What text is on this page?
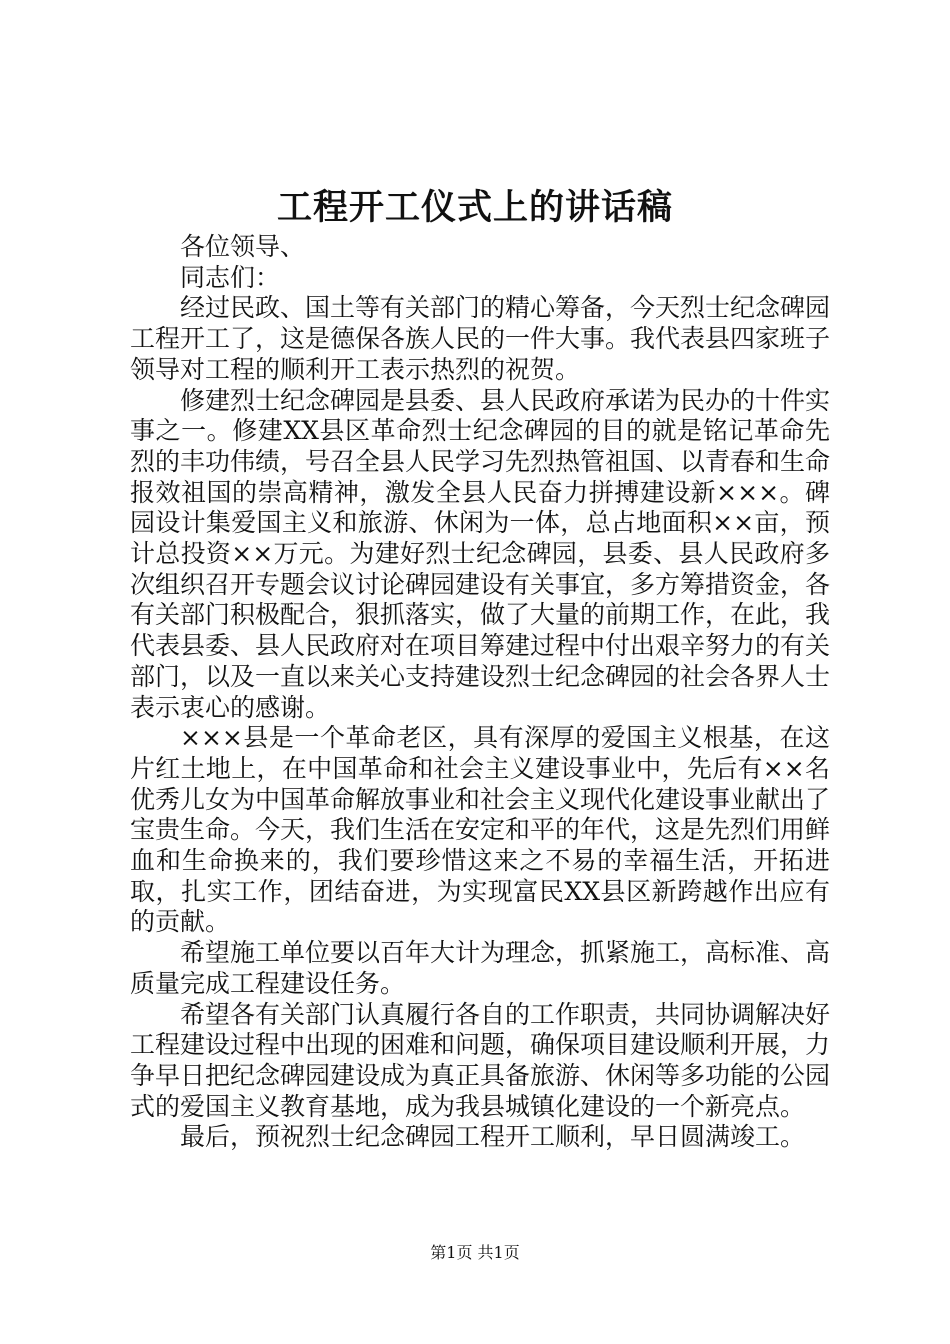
工程开工仪式上的讲话稿

各位领导、

同志们：

经过民政、国土等有关部门的精心筹备，今天烈士纪念碑园工程开工了，这是德保各族人民的一件大事。我代表县四家班子领导对工程的顺利开工表示热烈的祝贺。

修建烈士纪念碑园是县委、县人民政府承诺为民办的十件实事之一。修建XX县区革命烈士纪念碑园的目的就是铭记革命先烈的丰功伟绩，号召全县人民学习先烈热管祖国、以青春和生命报效祖国的崇高精神，激发全县人民奋力拼搏建设新×××。碑园设计集爱国主义和旅游、休闲为一体，总占地面积××亩，预计总投资××万元。为建好烈士纪念碑园，县委、县人民政府多次组织召开专题会议讨论碑园建设有关事宜，多方筹措资金，各有关部门积极配合，狠抓落实，做了大量的前期工作，在此，我代表县委、县人民政府对在项目筹建过程中付出艰辛努力的有关部门，以及一直以来关心支持建设烈士纪念碑园的社会各界人士表示衷心的感谢。

×××县是一个革命老区，具有深厚的爱国主义根基，在这片红土地上，在中国革命和社会主义建设事业中，先后有××名优秀儿女为中国革命解放事业和社会主义现代化建设事业献出了宝贵生命。今天，我们生活在安定和平的年代，这是先烈们用鲜血和生命换来的，我们要珍惜这来之不易的幸福生活，开拓进取，扎实工作，团结奋进，为实现富民XX县区新跨越作出应有的贡献。

希望施工单位要以百年大计为理念，抓紧施工，高标准、高质量完成工程建设任务。

希望各有关部门认真履行各自的工作职责，共同协调解决好工程建设过程中出现的困难和问题，确保项目建设顺利开展，力争早日把纪念碑园建设成为真正具备旅游、休闲等多功能的公园式的爱国主义教育基地，成为我县城镇化建设的一个新亮点。

最后，预祝烈士纪念碑园工程开工顺利，早日圆满竣工。

第1页 共1页
